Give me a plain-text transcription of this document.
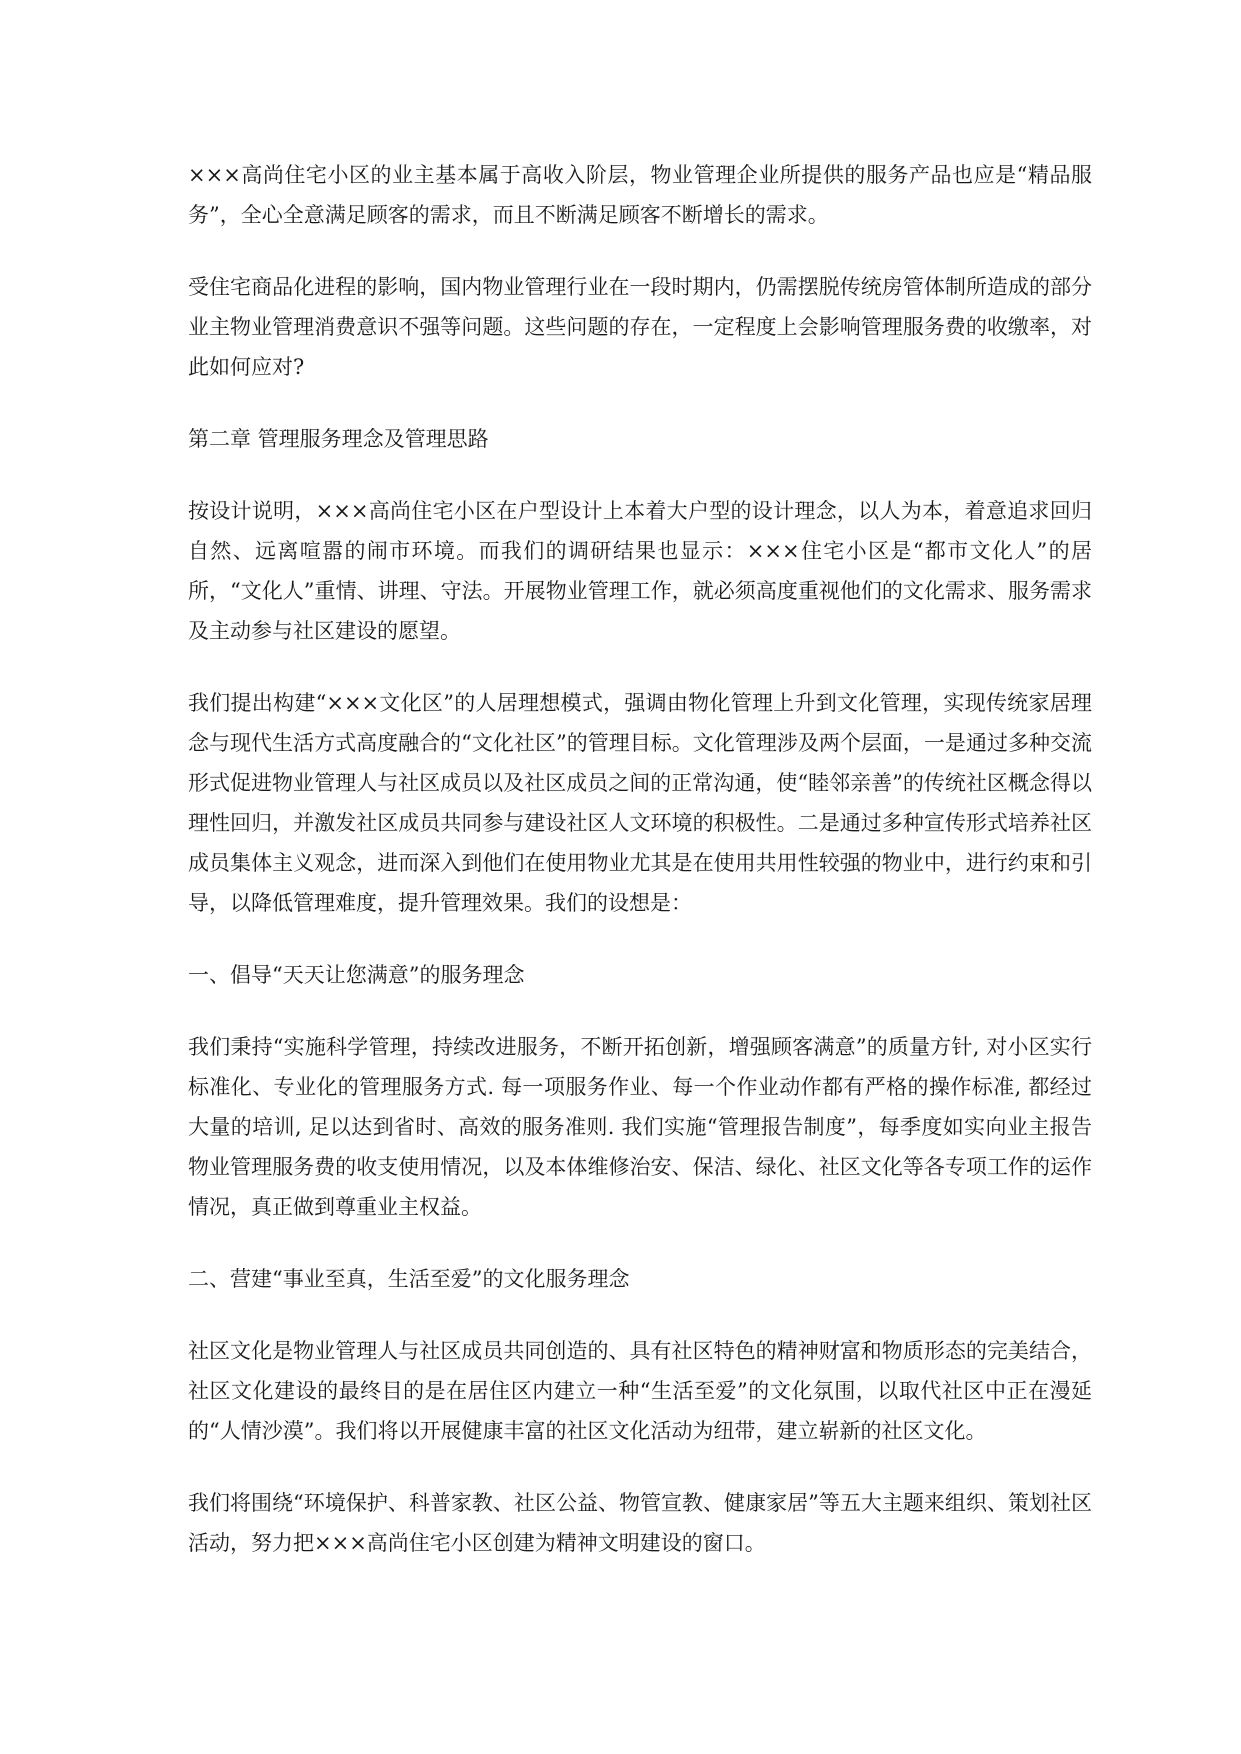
×××高尚住宅小区的业主基本属于高收入阶层，物业管理企业所提供的服务产品也应是“精品服务”，全心全意满足顾客的需求，而且不断满足顾客不断增长的需求。

受住宅商品化进程的影响，国内物业管理行业在一段时期内，仍需摆脱传统房管体制所造成的部分业主物业管理消费意识不强等问题。这些问题的存在，一定程度上会影响管理服务费的收缴率，对此如何应对?

第二章 管理服务理念及管理思路

按设计说明，×××高尚住宅小区在户型设计上本着大户型的设计理念，以人为本，着意追求回归自然、远离喧嚣的闹市环境。而我们的调研结果也显示：×××住宅小区是“都市文化人”的居所，“文化人”重情、讲理、守法。开展物业管理工作，就必须高度重视他们的文化需求、服务需求及主动参与社区建设的愿望。

我们提出构建“×××文化区”的人居理想模式，强调由物化管理上升到文化管理，实现传统家居理念与现代生活方式高度融合的“文化社区”的管理目标。文化管理涉及两个层面，一是通过多种交流形式促进物业管理人与社区成员以及社区成员之间的正常沟通，使“睦邻亲善”的传统社区概念得以理性回归，并激发社区成员共同参与建设社区人文环境的积极性。二是通过多种宣传形式培养社区成员集体主义观念，进而深入到他们在使用物业尤其是在使用共用性较强的物业中，进行约束和引导，以降低管理难度，提升管理效果。我们的设想是：

一、倡导“天天让您满意”的服务理念

我们秉持“实施科学管理，持续改进服务，不断开拓创新，增强顾客满意”的质量方针, 对小区实行标准化、专业化的管理服务方式. 每一项服务作业、每一个作业动作都有严格的操作标准, 都经过大量的培训, 足以达到省时、高效的服务准则. 我们实施“管理报告制度”，每季度如实向业主报告物业管理服务费的收支使用情况，以及本体维修治安、保洁、绿化、社区文化等各专项工作的运作情况，真正做到尊重业主权益。

二、营建“事业至真，生活至爱”的文化服务理念

社区文化是物业管理人与社区成员共同创造的、具有社区特色的精神财富和物质形态的完美结合，社区文化建设的最终目的是在居住区内建立一种“生活至爱”的文化氛围，以取代社区中正在漫延的“人情沙漠”。我们将以开展健康丰富的社区文化活动为纽带，建立崭新的社区文化。

我们将围绕“环境保护、科普家教、社区公益、物管宣教、健康家居”等五大主题来组织、策划社区活动，努力把×××高尚住宅小区创建为精神文明建设的窗口。
